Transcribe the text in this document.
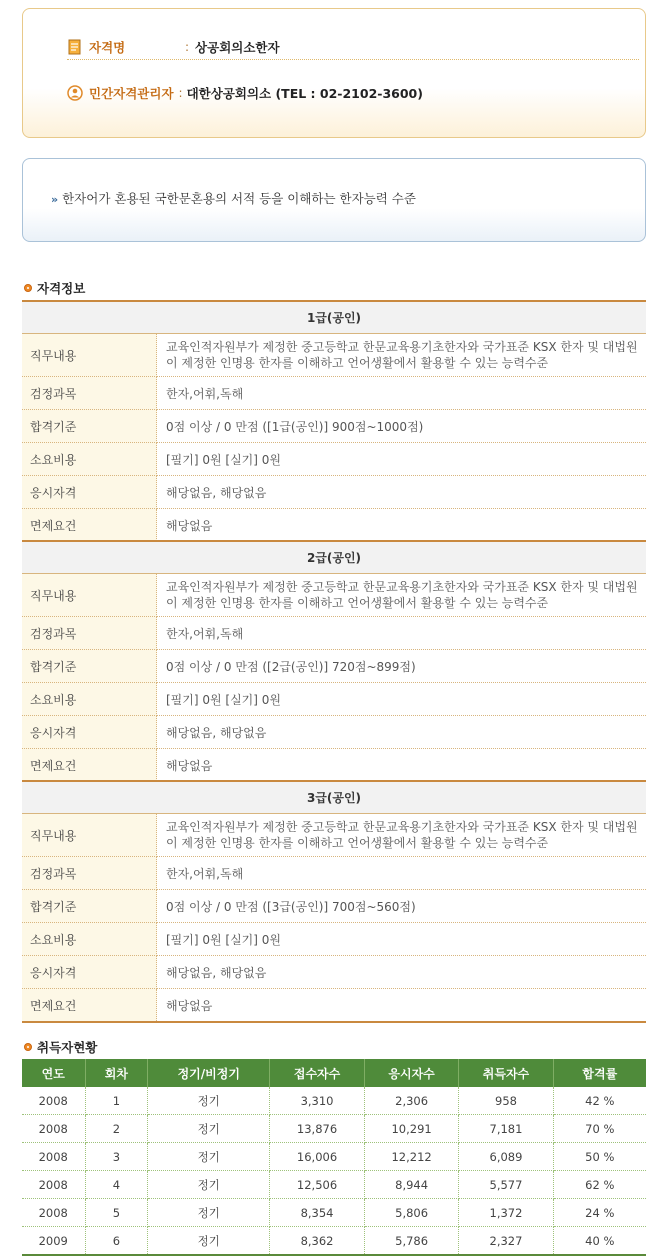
자격명	: 상공회의소한자
민간자격관리자 : 대한상공회의소 (TEL : 02-2102-3600)
» 한자어가 혼용된 국한문혼용의 서적 등을 이해하는 한자능력 수준
자격정보
1급(공인)	
직무내용	교육인적자원부가 제정한 중고등학교 한문교육용기초한자와 국가표준 KSX 한자 및 대법원
이 제정한 인명용 한자를 이해하고 언어생활에서 활용할 수 있는 능력수준
검정과목	한자,어휘,독해
합격기준	0점 이상 / 0 만점 ([1급(공인)] 900점~1000점)
소요비용	[필기] 0원 [실기] 0원
응시자격	해당없음, 해당없음
면제요건	해당없음
2급(공인)	
직무내용	교육인적자원부가 제정한 중고등학교 한문교육용기초한자와 국가표준 KSX 한자 및 대법원
이 제정한 인명용 한자를 이해하고 언어생활에서 활용할 수 있는 능력수준
검정과목	한자,어휘,독해
합격기준	0점 이상 / 0 만점 ([2급(공인)] 720점~899점)
소요비용	[필기] 0원 [실기] 0원
응시자격	해당없음, 해당없음
면제요건	해당없음
3급(공인)	
직무내용	교육인적자원부가 제정한 중고등학교 한문교육용기초한자와 국가표준 KSX 한자 및 대법원
이 제정한 인명용 한자를 이해하고 언어생활에서 활용할 수 있는 능력수준
검정과목	한자,어휘,독해
합격기준	0점 이상 / 0 만점 ([3급(공인)] 700점~560점)
소요비용	[필기] 0원 [실기] 0원
응시자격	해당없음, 해당없음
면제요건	해당없음
취득자현황
연도	회차	정기/비정기	접수자수	응시자수	취득자수	합격률
2008	1	정기	3,310	2,306	958	42 %
2008	2	정기	13,876	10,291	7,181	70 %
2008	3	정기	16,006	12,212	6,089	50 %
2008	4	정기	12,506	8,944	5,577	62 %
2008	5	정기	8,354	5,806	1,372	24 %
2009	6	정기	8,362	5,786	2,327	40 %
